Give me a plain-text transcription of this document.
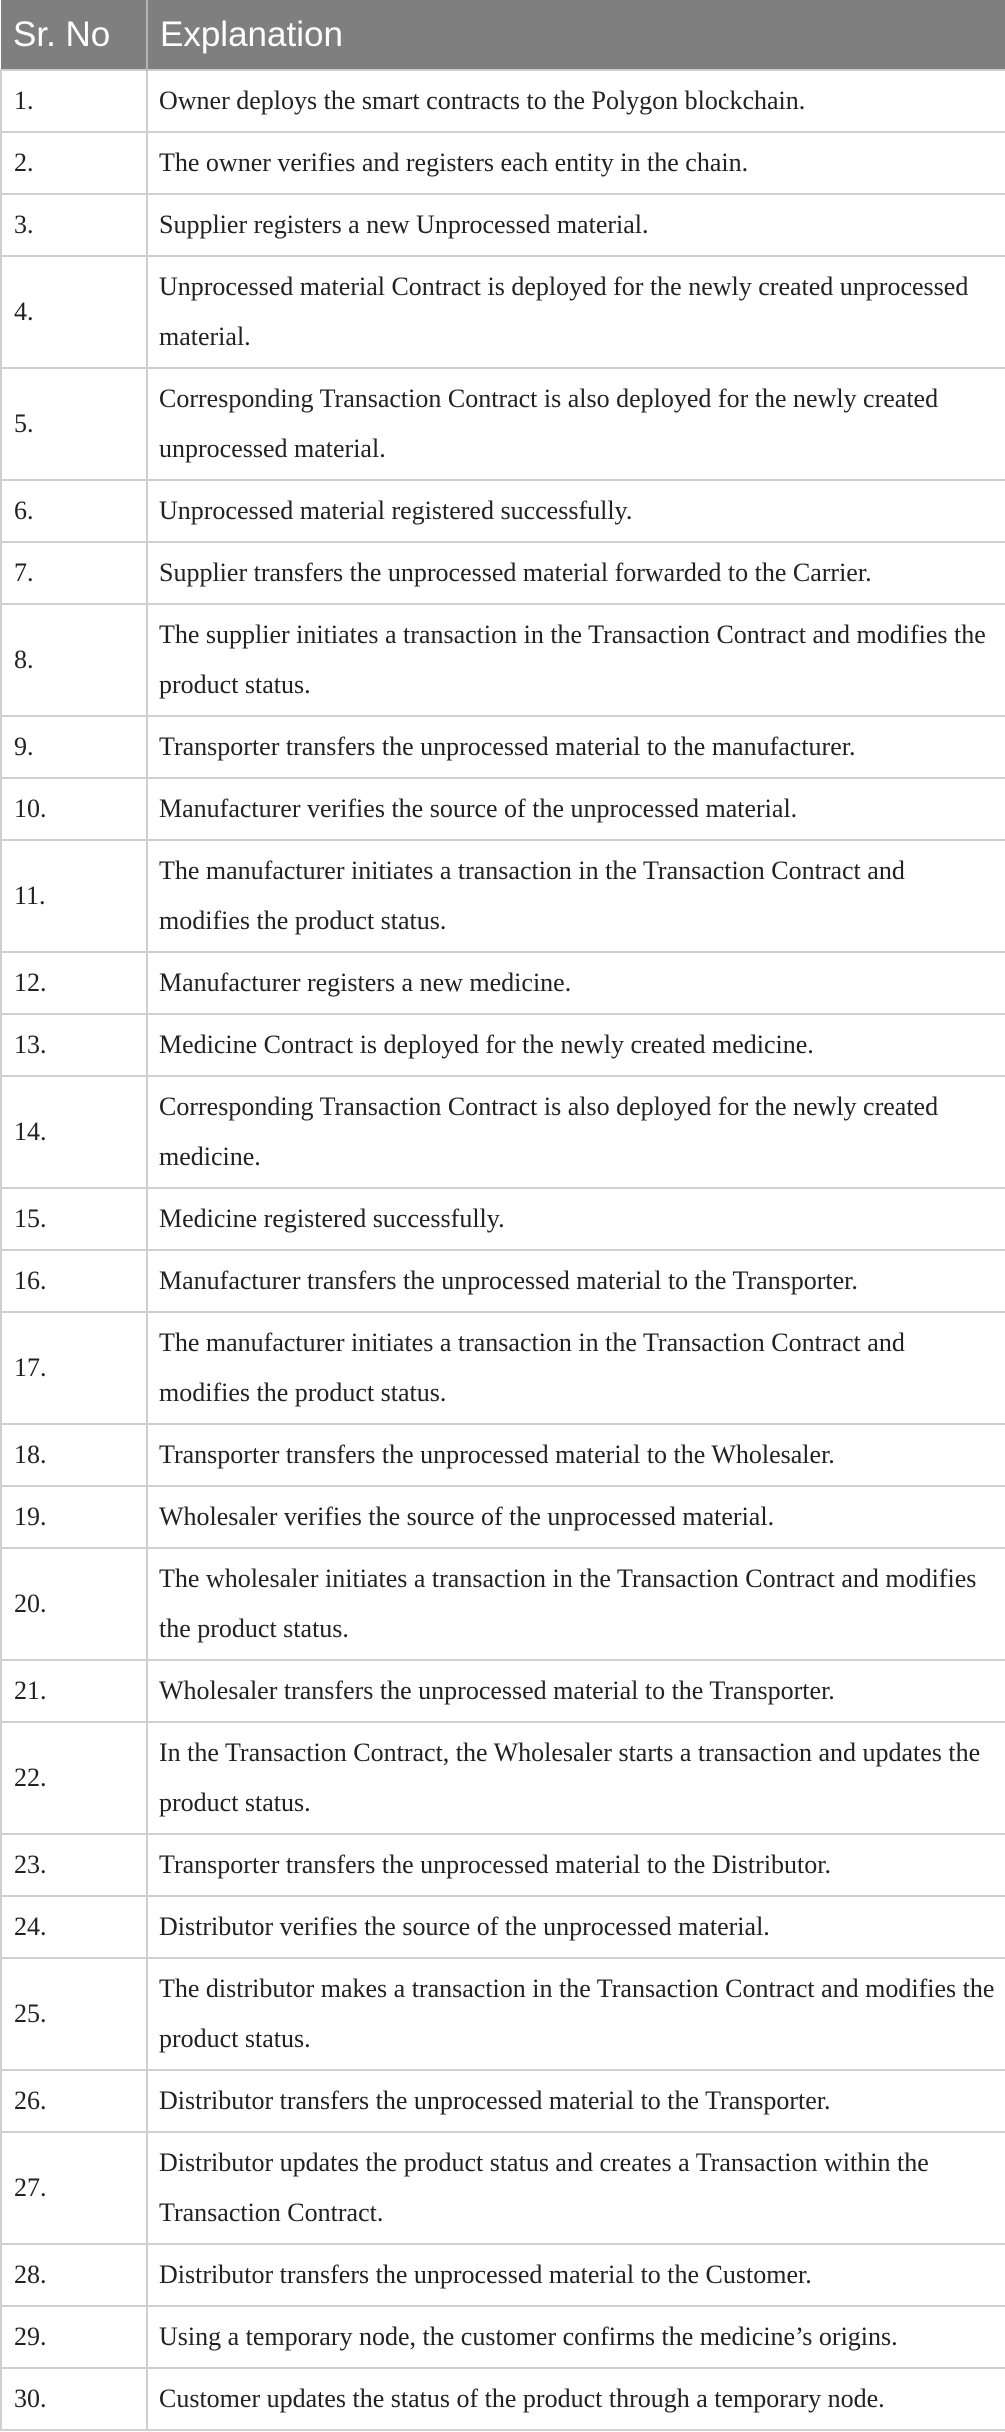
Sr. No	Explanation
1.	Owner deploys the smart contracts to the Polygon blockchain.
2.	The owner verifies and registers each entity in the chain.
3.	Supplier registers a new Unprocessed material.
4.	Unprocessed material Contract is deployed for the newly created unprocessed material.
5.	Corresponding Transaction Contract is also deployed for the newly created unprocessed material.
6.	Unprocessed material registered successfully.
7.	Supplier transfers the unprocessed material forwarded to the Carrier.
8.	The supplier initiates a transaction in the Transaction Contract and modifies the product status.
9.	Transporter transfers the unprocessed material to the manufacturer.
10.	Manufacturer verifies the source of the unprocessed material.
11.	The manufacturer initiates a transaction in the Transaction Contract and modifies the product status.
12.	Manufacturer registers a new medicine.
13.	Medicine Contract is deployed for the newly created medicine.
14.	Corresponding Transaction Contract is also deployed for the newly created medicine.
15.	Medicine registered successfully.
16.	Manufacturer transfers the unprocessed material to the Transporter.
17.	The manufacturer initiates a transaction in the Transaction Contract and modifies the product status.
18.	Transporter transfers the unprocessed material to the Wholesaler.
19.	Wholesaler verifies the source of the unprocessed material.
20.	The wholesaler initiates a transaction in the Transaction Contract and modifies the product status.
21.	Wholesaler transfers the unprocessed material to the Transporter.
22.	In the Transaction Contract, the Wholesaler starts a transaction and updates the product status.
23.	Transporter transfers the unprocessed material to the Distributor.
24.	Distributor verifies the source of the unprocessed material.
25.	The distributor makes a transaction in the Transaction Contract and modifies the product status.
26.	Distributor transfers the unprocessed material to the Transporter.
27.	Distributor updates the product status and creates a Transaction within the Transaction Contract.
28.	Distributor transfers the unprocessed material to the Customer.
29.	Using a temporary node, the customer confirms the medicine’s origins.
30.	Customer updates the status of the product through a temporary node.
